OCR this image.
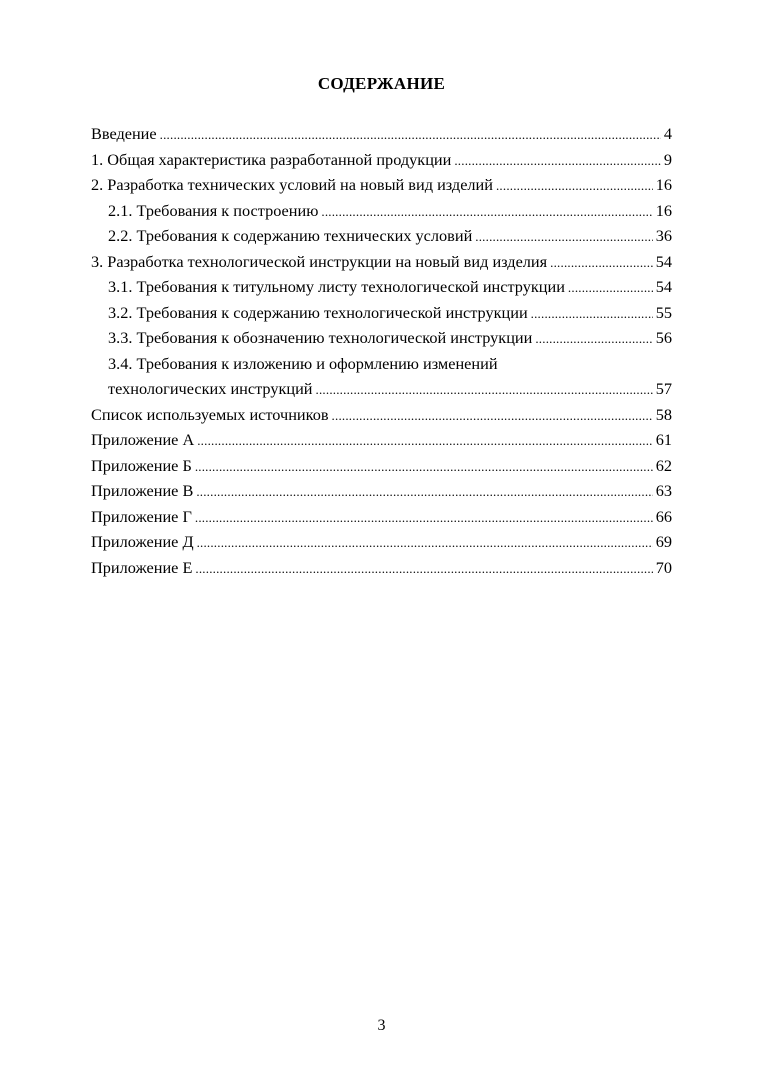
СОДЕРЖАНИЕ
Введение .....	4
1. Общая характеристика разработанной продукции .....	9
2. Разработка технических условий на новый вид изделий .....	16
2.1. Требования к построению .....	16
2.2. Требования к содержанию технических условий .....	36
3. Разработка технологической инструкции на новый вид изделия .....	54
3.1. Требования к титульному листу технологической инструкции .....	54
3.2. Требования к содержанию технологической инструкции .....	55
3.3. Требования к обозначению технологической инструкции .....	56
3.4. Требования к изложению и оформлению изменений
технологических инструкций .....	57
Список используемых источников .....	58
Приложение А .....	61
Приложение Б .....	62
Приложение В .....	63
Приложение Г .....	66
Приложение Д .....	69
Приложение Е .....	70
3
